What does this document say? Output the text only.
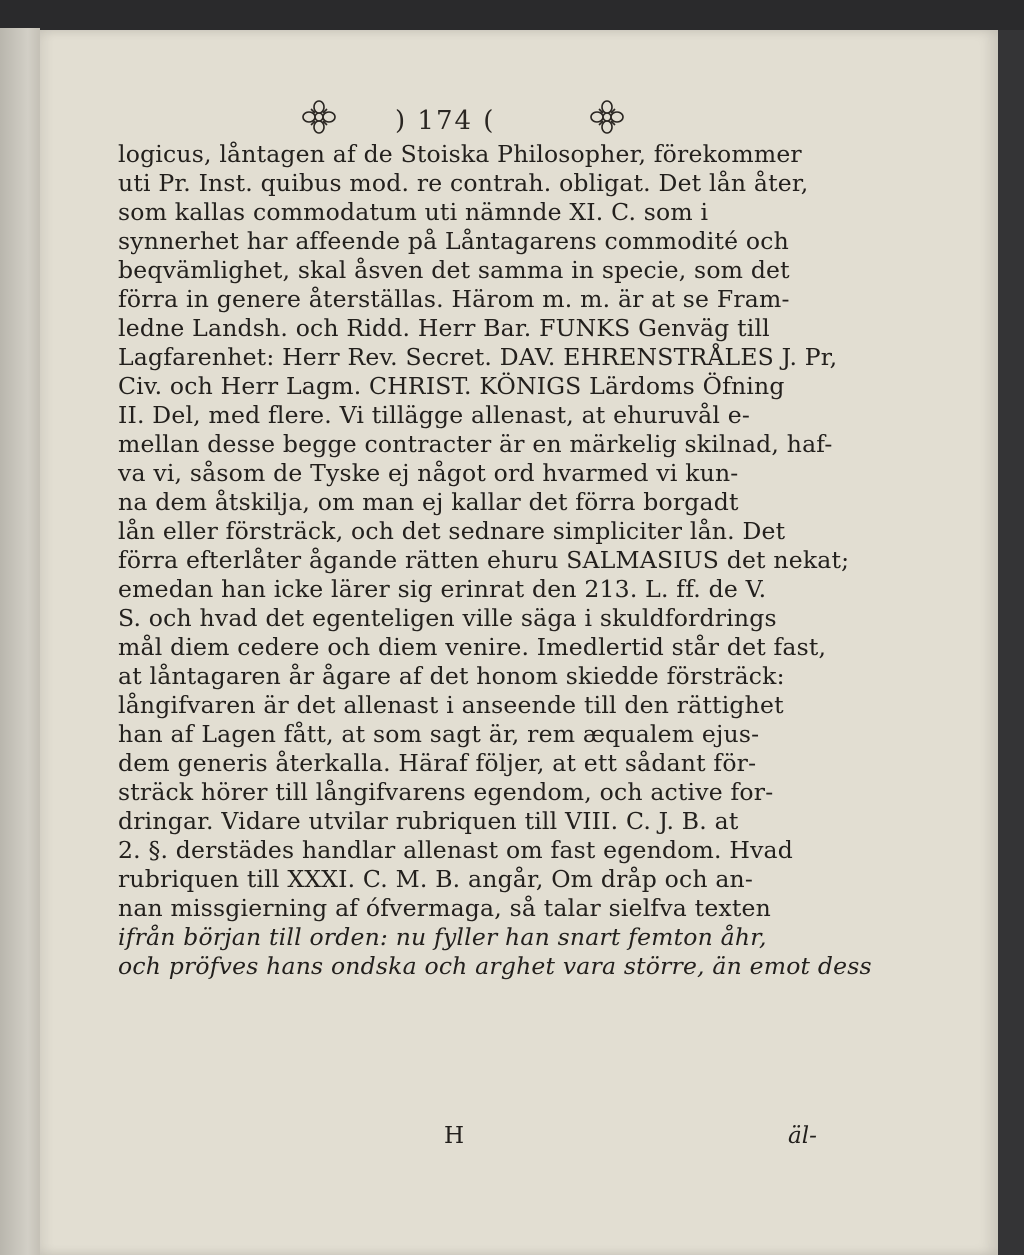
) 174 (
logicus, låntagen af de Stoiska Philosopher, förekommer
uti Pr. Inst. quibus mod. re contrah. obligat. Det lån åter,
som kallas commodatum uti nämnde XI. C. som i
synnerhet har affeende på Låntagarens commodité och
beqvämlighet, skal åsven det samma in specie, som det
förra in genere återställas. Härom m. m. är at se Fram-
ledne Landsh. och Ridd. Herr Bar. FUNKS Genväg till
Lagfarenhet: Herr Rev. Secret. DAV. EHRENSTRÅLES J. Pr,
Civ. och Herr Lagm. CHRIST. KÖNIGS Lärdoms Öfning
II. Del, med flere. Vi tillägge allenast, at ehuruvål e-
mellan desse begge contracter är en märkelig skilnad, haf-
va vi, såsom de Tyske ej något ord hvarmed vi kun-
na dem åtskilja, om man ej kallar det förra borgadt
lån eller försträck, och det sednare simpliciter lån. Det
förra efterlåter ågande rätten ehuru SALMASIUS det nekat;
emedan han icke lärer sig erinrat den 213. L. ff. de V.
S. och hvad det egenteligen ville säga i skuldfordrings
mål diem cedere och diem venire. Imedlertid står det fast,
at låntagaren år ågare af det honom skiedde försträck:
långifvaren är det allenast i anseende till den rättighet
han af Lagen fått, at som sagt är, rem æqualem ejus-
dem generis återkalla. Häraf följer, at ett sådant för-
sträck hörer till långifvarens egendom, och active for-
dringar. Vidare utvilar rubriquen till VIII. C. J. B. at
2. §. derstädes handlar allenast om fast egendom. Hvad
rubriquen till XXXI. C. M. B. angår, Om dråp och an-
nan missgierning af ófvermaga, så talar sielfva texten
ifrån början till orden: nu fyller han snart femton åhr,
och pröfves hans ondska och arghet vara större, än emot dess
H	äl-
